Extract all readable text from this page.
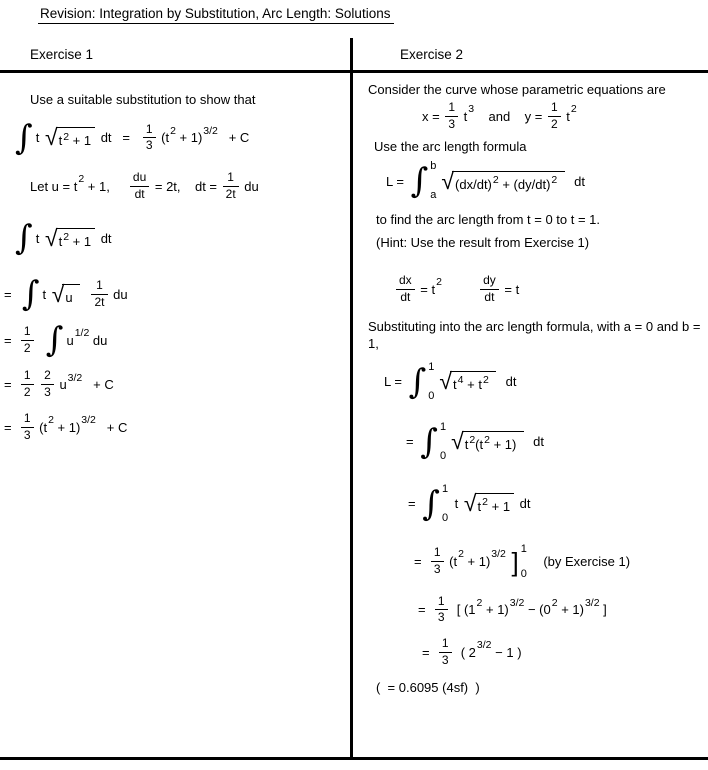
Revision: Integration by Substitution, Arc Length: Solutions
Exercise 1	Exercise 2

Use a suitable substitution to show that

∫ t √ t2 + 1 dt   = $\frac{1}{3} (t2 + 1)3/2 + C$
Let u = t2 + 1, $\frac{du}{dt} = 2t$,    dt = $\frac{1}{2t}$ du
∫ t √ t2 + 1 dt
= ∫ t √ u
	$\frac{1}{2t}$ du
= $\frac{1}{2}$
∫ u1/2 du
= $\frac{1}{2}$
$\frac{2}{3} u3/2 + C$
= $\frac{1}{3} (t2 + 1)3/2 + C$

Consider the curve whose parametric equations are

$x = \frac{1}{3} t3$    and    $y = \frac{1}{2} t2$

Use the arc length formula

L = ∫ b
a
√ (dx/dt)2 + (dy/dt)2 dt

to find the arc length from t = 0 to t = 1.

(Hint: Use the result from Exercise 1)

$\frac{dx}{dt} = t2$	$\frac{dy}{dt} = t$

Substituting into the arc length formula, with a = 0 and b = 1,

L = ∫ 1
0
√ t4 + t2 dt
= ∫ 1
0
√ t2(t2 + 1) dt
= ∫ 1
0
t √ t2 + 1 dt
= $\frac{1}{3} (t2 + 1)3/2$ ] 1
0
(by Exercise 1)
= $\frac{1}{3}$ [ (12 + 1)3/2 − (02 + 1)3/2 ]
= $\frac{1}{3}$ ( 23/2 − 1 )

(  = 0.6095 (4sf)  )
